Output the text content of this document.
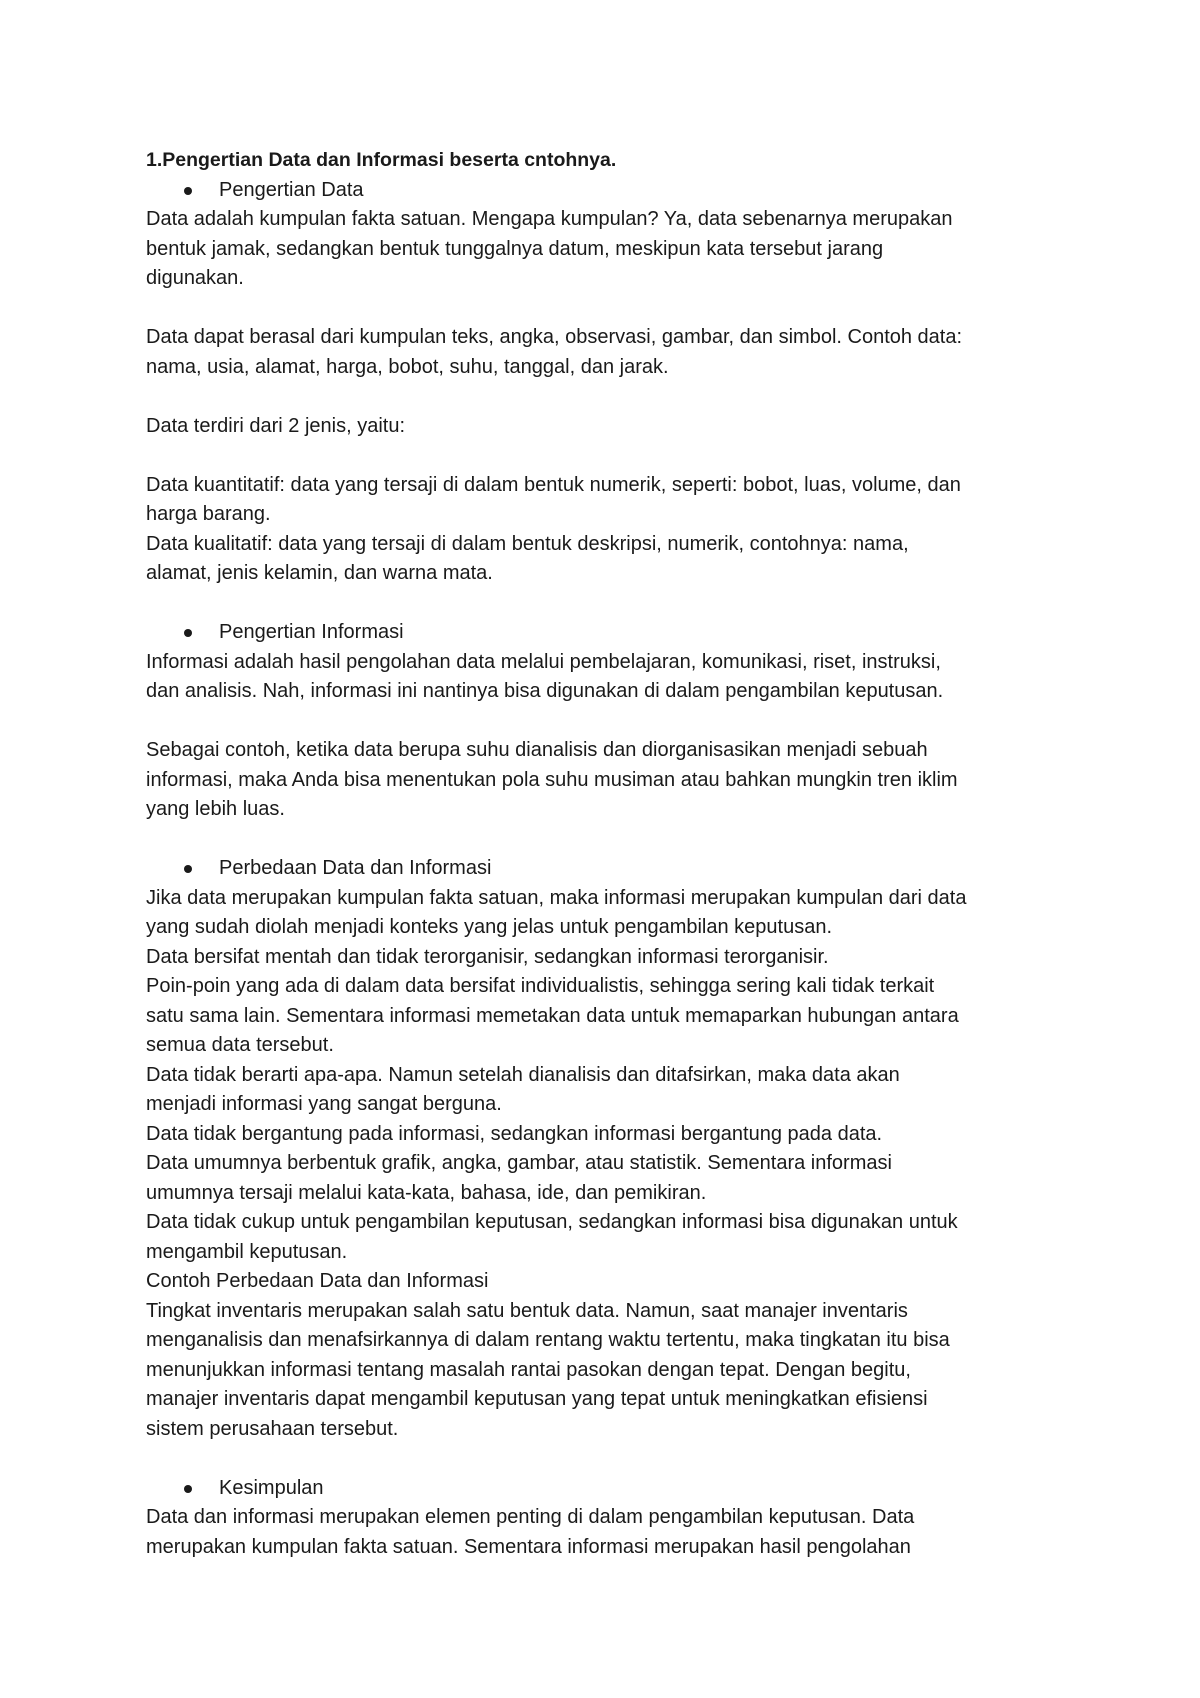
1.Pengertian Data dan Informasi beserta cntohnya.
Pengertian Data
Data adalah kumpulan fakta satuan. Mengapa kumpulan? Ya, data sebenarnya merupakan
bentuk jamak, sedangkan bentuk tunggalnya datum, meskipun kata tersebut jarang
digunakan.
Data dapat berasal dari kumpulan teks, angka, observasi, gambar, dan simbol. Contoh data:
nama, usia, alamat, harga, bobot, suhu, tanggal, dan jarak.
Data terdiri dari 2 jenis, yaitu:
Data kuantitatif: data yang tersaji di dalam bentuk numerik, seperti: bobot, luas, volume, dan
harga barang.
Data kualitatif: data yang tersaji di dalam bentuk deskripsi, numerik, contohnya: nama,
alamat, jenis kelamin, dan warna mata.
Pengertian Informasi
Informasi adalah hasil pengolahan data melalui pembelajaran, komunikasi, riset, instruksi,
dan analisis. Nah, informasi ini nantinya bisa digunakan di dalam pengambilan keputusan.
Sebagai contoh, ketika data berupa suhu dianalisis dan diorganisasikan menjadi sebuah
informasi, maka Anda bisa menentukan pola suhu musiman atau bahkan mungkin tren iklim
yang lebih luas.
Perbedaan Data dan Informasi
Jika data merupakan kumpulan fakta satuan, maka informasi merupakan kumpulan dari data
yang sudah diolah menjadi konteks yang jelas untuk pengambilan keputusan.
Data bersifat mentah dan tidak terorganisir, sedangkan informasi terorganisir.
Poin-poin yang ada di dalam data bersifat individualistis, sehingga sering kali tidak terkait
satu sama lain. Sementara informasi memetakan data untuk memaparkan hubungan antara
semua data tersebut.
Data tidak berarti apa-apa. Namun setelah dianalisis dan ditafsirkan, maka data akan
menjadi informasi yang sangat berguna.
Data tidak bergantung pada informasi, sedangkan informasi bergantung pada data.
Data umumnya berbentuk grafik, angka, gambar, atau statistik. Sementara informasi
umumnya tersaji melalui kata-kata, bahasa, ide, dan pemikiran.
Data tidak cukup untuk pengambilan keputusan, sedangkan informasi bisa digunakan untuk
mengambil keputusan.
Contoh Perbedaan Data dan Informasi
Tingkat inventaris merupakan salah satu bentuk data. Namun, saat manajer inventaris
menganalisis dan menafsirkannya di dalam rentang waktu tertentu, maka tingkatan itu bisa
menunjukkan informasi tentang masalah rantai pasokan dengan tepat. Dengan begitu,
manajer inventaris dapat mengambil keputusan yang tepat untuk meningkatkan efisiensi
sistem perusahaan tersebut.
Kesimpulan
Data dan informasi merupakan elemen penting di dalam pengambilan keputusan. Data
merupakan kumpulan fakta satuan. Sementara informasi merupakan hasil pengolahan
